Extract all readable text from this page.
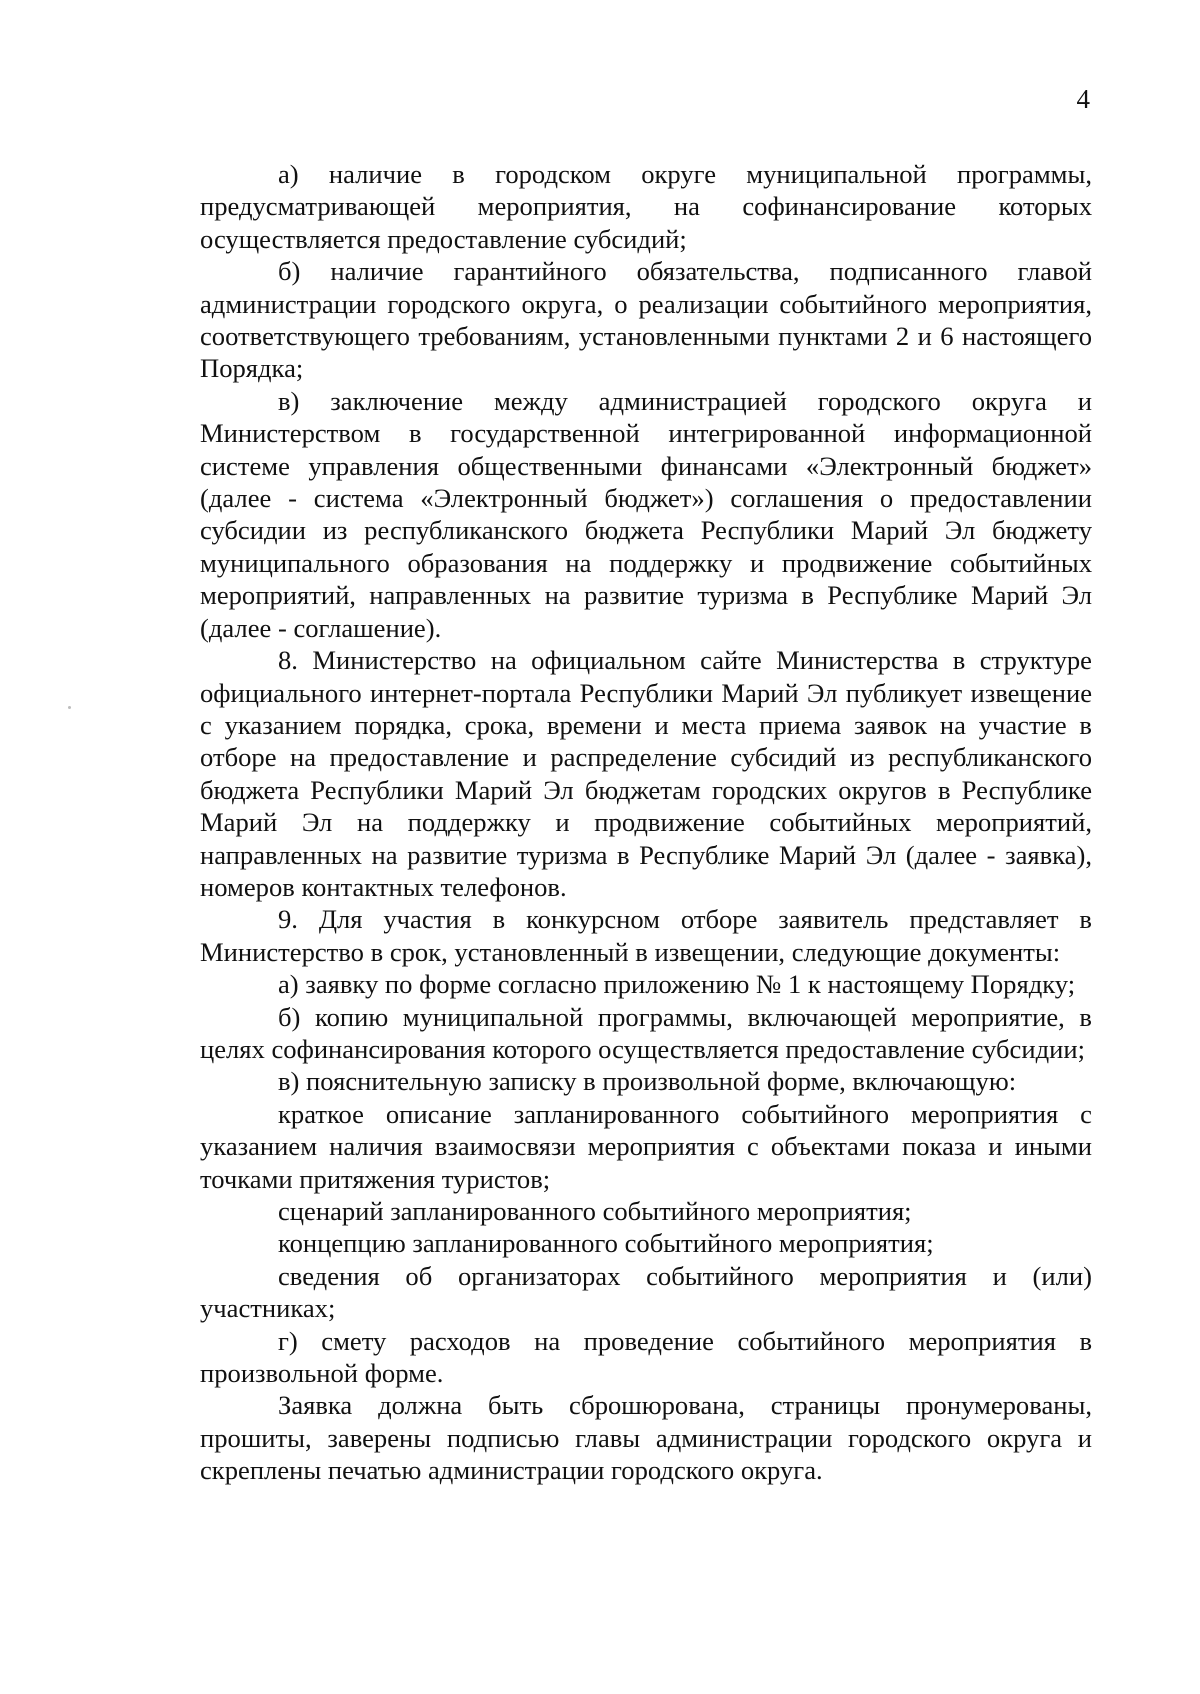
4

а) наличие в городском округе муниципальной программы, предусматривающей мероприятия, на софинансирование которых осуществляется предоставление субсидий;

б) наличие гарантийного обязательства, подписанного главой администрации городского округа, о реализации событийного мероприятия, соответствующего требованиям, установленными пунктами 2 и 6 настоящего Порядка;

в) заключение между администрацией городского округа и Министерством в государственной интегрированной информационной системе управления общественными финансами «Электронный бюджет» (далее - система «Электронный бюджет») соглашения о предоставлении субсидии из республиканского бюджета Республики Марий Эл бюджету муниципального образования на поддержку и продвижение событийных мероприятий, направленных на развитие туризма в Республике Марий Эл (далее - соглашение).

8. Министерство на официальном сайте Министерства в структуре официального интернет-портала Республики Марий Эл публикует извещение с указанием порядка, срока, времени и места приема заявок на участие в отборе на предоставление и распределение субсидий из республиканского бюджета Республики Марий Эл бюджетам городских округов в Республике Марий Эл на поддержку и продвижение событийных мероприятий, направленных на развитие туризма в Республике Марий Эл (далее - заявка), номеров контактных телефонов.

9. Для участия в конкурсном отборе заявитель представляет в Министерство в срок, установленный в извещении, следующие документы:

а) заявку по форме согласно приложению № 1 к настоящему Порядку;

б) копию муниципальной программы, включающей мероприятие, в целях софинансирования которого осуществляется предоставление субсидии;

в) пояснительную записку в произвольной форме, включающую:

краткое описание запланированного событийного мероприятия с указанием наличия взаимосвязи мероприятия с объектами показа и иными точками притяжения туристов;

сценарий запланированного событийного мероприятия;

концепцию запланированного событийного мероприятия;

сведения об организаторах событийного мероприятия и (или) участниках;

г) смету расходов на проведение событийного мероприятия в произвольной форме.

Заявка должна быть сброшюрована, страницы пронумерованы, прошиты, заверены подписью главы администрации городского округа и скреплены печатью администрации городского округа.
